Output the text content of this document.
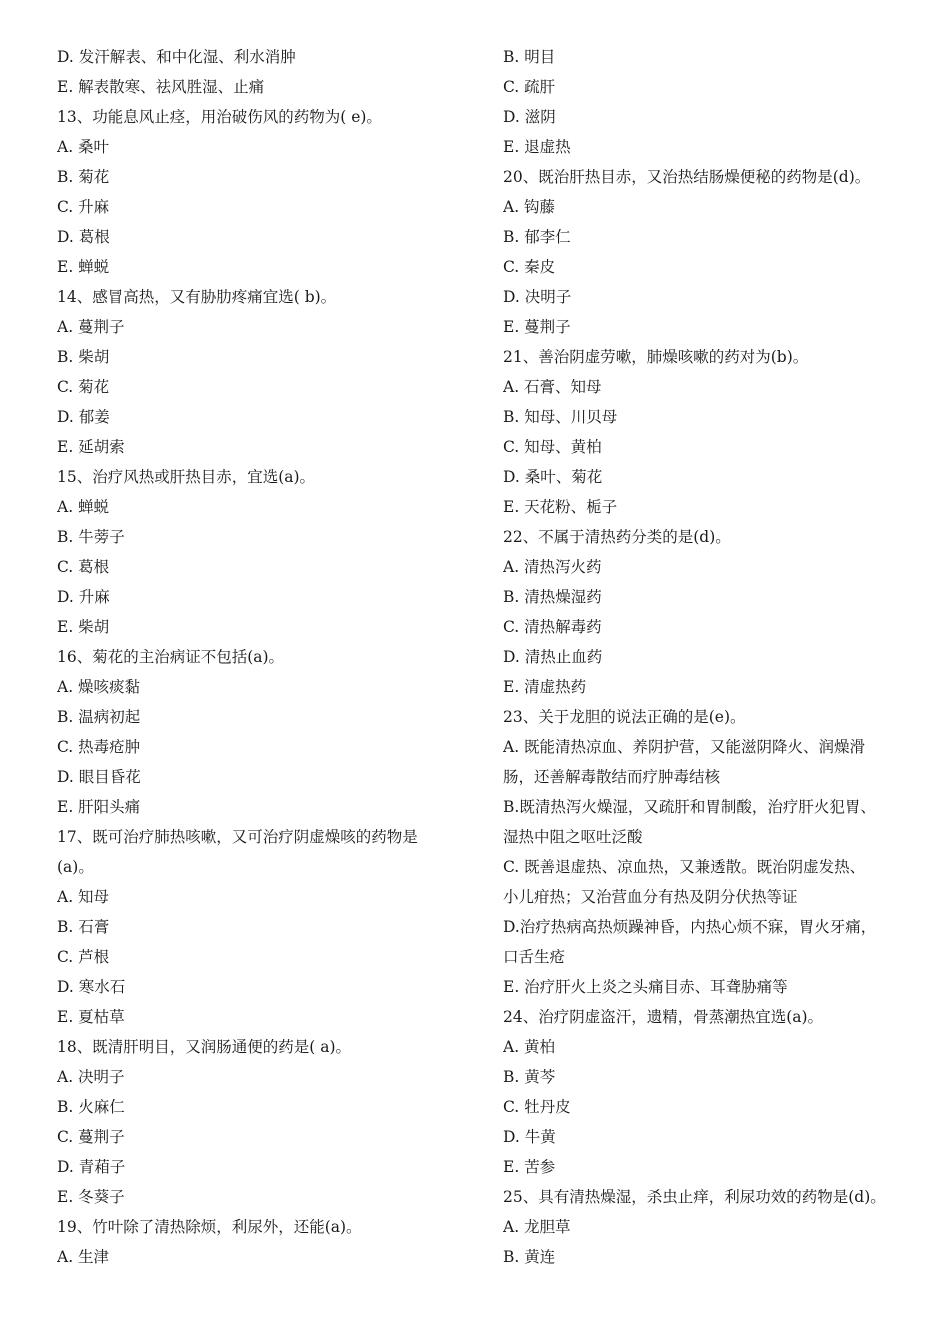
D. 发汗解表、和中化湿、利水消肿
E. 解表散寒、祛风胜湿、止痛
13、功能息风止痉，用治破伤风的药物为( e)。
A. 桑叶
B. 菊花
C. 升麻
D. 葛根
E. 蝉蜕
14、感冒高热，又有胁肋疼痛宜选( b)。
A. 蔓荆子
B. 柴胡
C. 菊花
D. 郁姜
E. 延胡索
15、治疗风热或肝热目赤，宜选(a)。
A. 蝉蜕
B. 牛蒡子
C. 葛根
D. 升麻
E. 柴胡
16、菊花的主治病证不包括(a)。
A. 燥咳痰黏
B. 温病初起
C. 热毒疮肿
D. 眼目昏花
E. 肝阳头痛
17、既可治疗肺热咳嗽，又可治疗阴虚燥咳的药物是
(a)。
A. 知母
B. 石膏
C. 芦根
D. 寒水石
E. 夏枯草
18、既清肝明目，又润肠通便的药是( a)。
A. 决明子
B. 火麻仁
C. 蔓荆子
D. 青葙子
E. 冬葵子
19、竹叶除了清热除烦，利尿外，还能(a)。
A. 生津
B. 明目
C. 疏肝
D. 滋阴
E. 退虚热
20、既治肝热目赤，又治热结肠燥便秘的药物是(d)。
A. 钩藤
B. 郁李仁
C. 秦皮
D. 决明子
E. 蔓荆子
21、善治阴虚劳嗽，肺燥咳嗽的药对为(b)。
A. 石膏、知母
B. 知母、川贝母
C. 知母、黄柏
D. 桑叶、菊花
E. 天花粉、栀子
22、不属于清热药分类的是(d)。
A. 清热泻火药
B. 清热燥湿药
C. 清热解毒药
D. 清热止血药
E. 清虚热药
23、关于龙胆的说法正确的是(e)。
A. 既能清热凉血、养阴护营，又能滋阴降火、润燥滑
肠，还善解毒散结而疗肿毒结核
B.既清热泻火燥湿，又疏肝和胃制酸，治疗肝火犯胃、
湿热中阻之呕吐泛酸
C. 既善退虚热、凉血热，又兼透散。既治阴虚发热、
小儿疳热；又治营血分有热及阴分伏热等证
D.治疗热病高热烦躁神昏，内热心烦不寐，胃火牙痛，
口舌生疮
E. 治疗肝火上炎之头痛目赤、耳聋胁痛等
24、治疗阴虚盗汗，遗精，骨蒸潮热宜选(a)。
A. 黄柏
B. 黄芩
C. 牡丹皮
D. 牛黄
E. 苦参
25、具有清热燥湿，杀虫止痒，利尿功效的药物是(d)。
A. 龙胆草
B. 黄连
